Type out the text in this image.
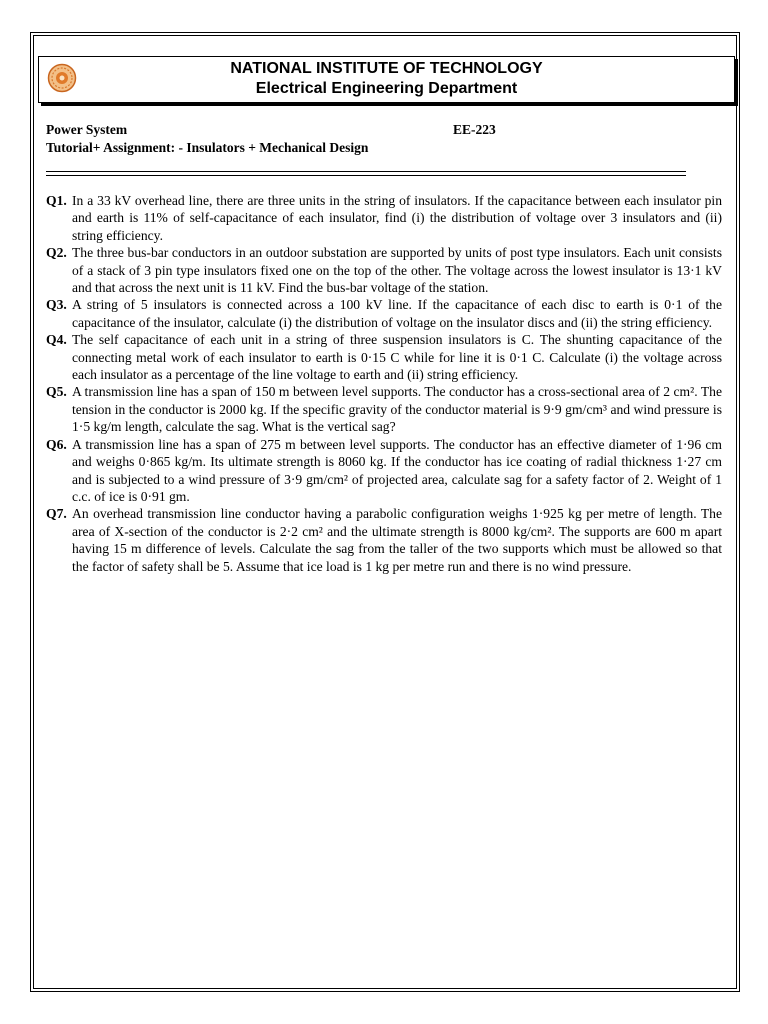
NATIONAL INSTITUTE OF TECHNOLOGY
Electrical Engineering Department
Power System	EE-223
Tutorial+ Assignment: - Insulators + Mechanical Design
Q1. In a 33 kV overhead line, there are three units in the string of insulators. If the capacitance between each insulator pin and earth is 11% of self-capacitance of each insulator, find (i) the distribution of voltage over 3 insulators and (ii) string efficiency.
Q2. The three bus-bar conductors in an outdoor substation are supported by units of post type insulators. Each unit consists of a stack of 3 pin type insulators fixed one on the top of the other. The voltage across the lowest insulator is 13·1 kV and that across the next unit is 11 kV. Find the bus-bar voltage of the station.
Q3. A string of 5 insulators is connected across a 100 kV line. If the capacitance of each disc to earth is 0·1 of the capacitance of the insulator, calculate (i) the distribution of voltage on the insulator discs and (ii) the string efficiency.
Q4. The self capacitance of each unit in a string of three suspension insulators is C. The shunting capacitance of the connecting metal work of each insulator to earth is 0·15 C while for line it is 0·1 C. Calculate (i) the voltage across each insulator as a percentage of the line voltage to earth and (ii) string efficiency.
Q5. A transmission line has a span of 150 m between level supports. The conductor has a cross-sectional area of 2 cm². The tension in the conductor is 2000 kg. If the specific gravity of the conductor material is 9·9 gm/cm³ and wind pressure is 1·5 kg/m length, calculate the sag. What is the vertical sag?
Q6. A transmission line has a span of 275 m between level supports. The conductor has an effective diameter of 1·96 cm and weighs 0·865 kg/m. Its ultimate strength is 8060 kg. If the conductor has ice coating of radial thickness 1·27 cm and is subjected to a wind pressure of 3·9 gm/cm² of projected area, calculate sag for a safety factor of 2. Weight of 1 c.c. of ice is 0·91 gm.
Q7. An overhead transmission line conductor having a parabolic configuration weighs 1·925 kg per metre of length. The area of X-section of the conductor is 2·2 cm² and the ultimate strength is 8000 kg/cm². The supports are 600 m apart having 15 m difference of levels. Calculate the sag from the taller of the two supports which must be allowed so that the factor of safety shall be 5. Assume that ice load is 1 kg per metre run and there is no wind pressure.
